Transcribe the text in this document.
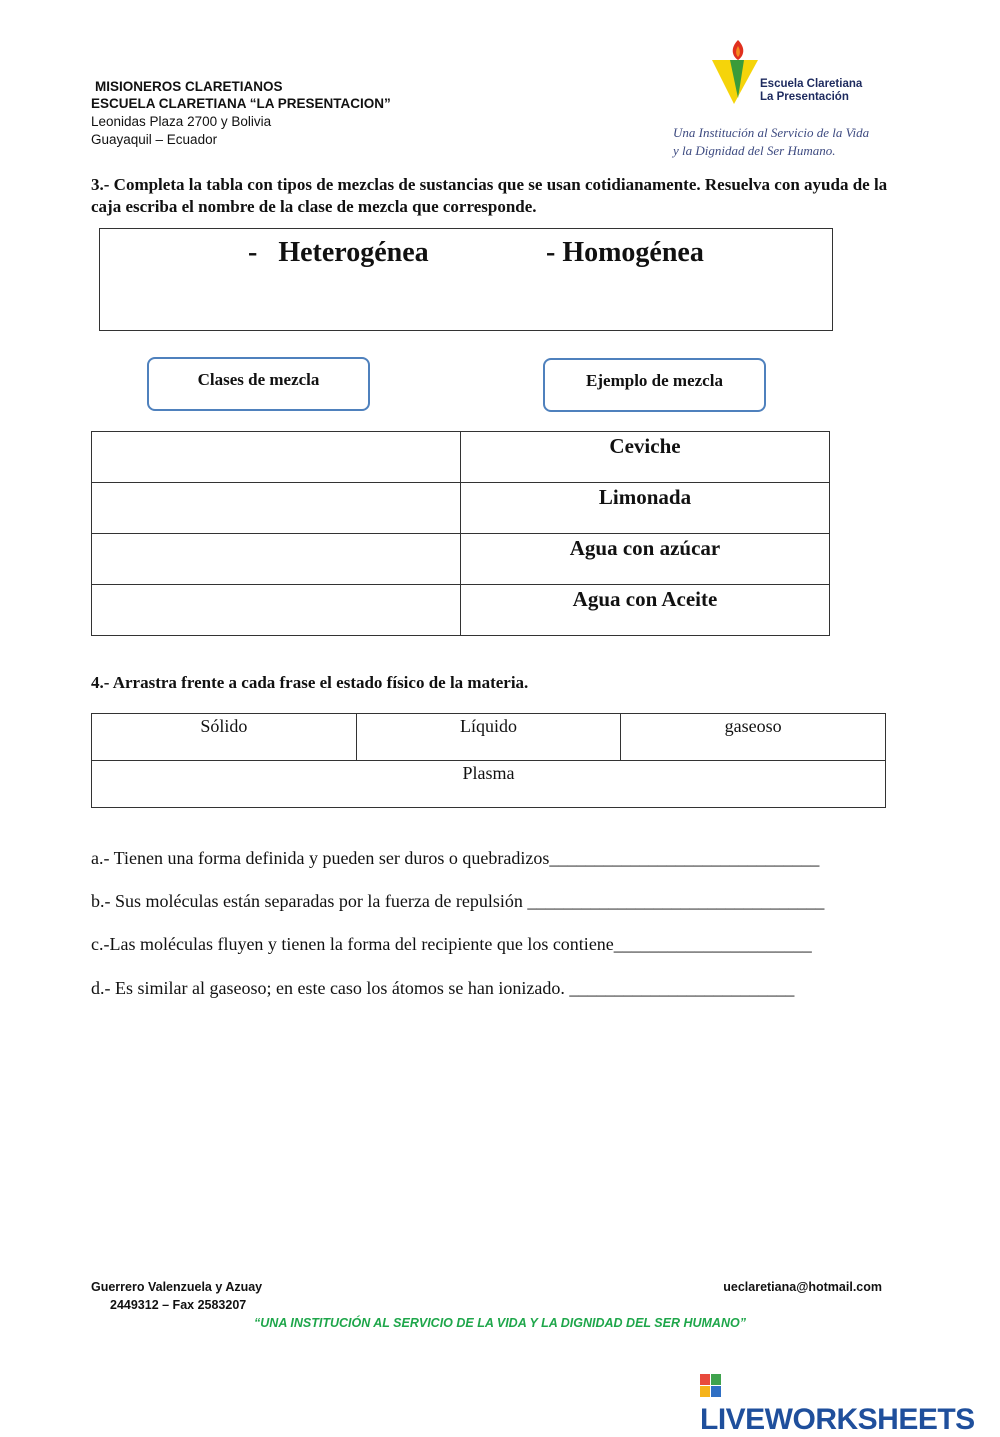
MISIONEROS CLARETIANOS
ESCUELA CLARETIANA “LA PRESENTACION”
Leonidas Plaza 2700 y Bolivia
Guayaquil – Ecuador
Escuela Claretiana
La Presentación
Una Institución al Servicio de la Vida
y la Dignidad del Ser Humano.
3.- Completa la tabla con tipos de mezclas de sustancias que se usan cotidianamente. Resuelva con ayuda de la caja escriba el nombre de la clase de mezcla que corresponde.
-   Heterogénea	- Homogénea
Clases de mezcla	Ejemplo de mezcla
	Ceviche
	Limonada
	Agua con azúcar
	Agua con Aceite
4.- Arrastra frente a cada frase el estado físico de la materia.
Sólido	Líquido	gaseoso
Plasma
a.- Tienen una forma definida y pueden ser duros o quebradizos______________________________
b.- Sus moléculas están separadas por la fuerza de repulsión _________________________________
c.-Las moléculas fluyen y tienen la forma del recipiente que los contiene______________________
d.- Es similar al gaseoso; en este caso los átomos se han ionizado. _________________________
Guerrero Valenzuela y Azuay
2449312 – Fax 2583207
ueclaretiana@hotmail.com
“UNA INSTITUCIÓN AL SERVICIO DE LA VIDA Y LA DIGNIDAD DEL SER HUMANO”
LIVEWORKSHEETS
